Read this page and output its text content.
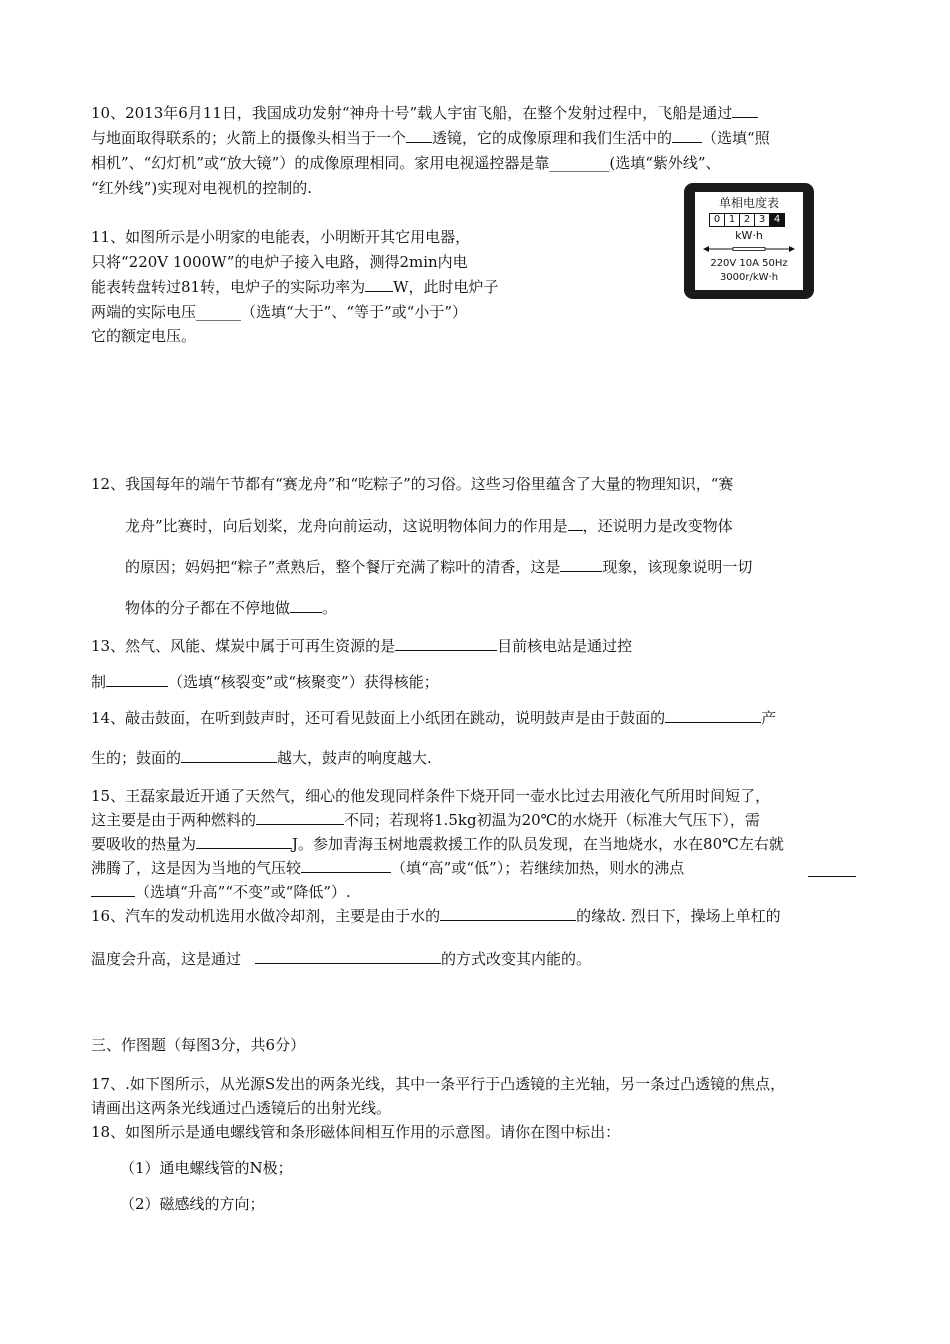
10、2013年6月11日，我国成功发射“神舟十号”载人宇宙飞船，在整个发射过程中，飞船是通过
与地面取得联系的；火箭上的摄像头相当于一个 透镜，它的成像原理和我们生活中的 （选填“照
相机”、“幻灯机”或“放大镜”）的成像原理相同。家用电视遥控器是靠________(选填“紫外线”、
“红外线”)实现对电视机的控制的.
单相电度表
0 1 2 3 4
kW·h
220V 10A 50Hz
3000r/kW·h
11、如图所示是小明家的电能表，小明断开其它用电器，
只将“220V 1000W”的电炉子接入电路，测得2min内电
能表转盘转过81转，电炉子的实际功率为 W，此时电炉子
两端的实际电压______（选填“大于”、“等于”或“小于”）
它的额定电压。
12、我国每年的端午节都有“赛龙舟”和“吃粽子”的习俗。这些习俗里蕴含了大量的物理知识，“赛
龙舟”比赛时，向后划桨，龙舟向前运动，这说明物体间力的作用是 ，还说明力是改变物体
的原因；妈妈把“粽子”煮熟后，整个餐厅充满了粽叶的清香，这是	现象，该现象说明一切
物体的分子都在不停地做 。
13、然气、风能、煤炭中属于可再生资源的是	目前核电站是通过控
制	（选填“核裂变”或“核聚变”）获得核能；
14、敲击鼓面，在听到鼓声时，还可看见鼓面上小纸团在跳动，说明鼓声是由于鼓面的	产
生的；鼓面的	越大，鼓声的响度越大.
15、王磊家最近开通了天然气，细心的他发现同样条件下烧开同一壶水比过去用液化气所用时间短了，
这主要是由于两种燃料的	不同；若现将1.5kg初温为20℃的水烧开（标准大气压下），需
要吸收的热量为	J。参加青海玉树地震救援工作的队员发现，在当地烧水，水在80℃左右就
沸腾了，这是因为当地的气压较	（填“高”或“低”）；若继续加热，则水的沸点
（选填“升高”“不变”或“降低”）.
16、汽车的发动机选用水做冷却剂，主要是由于水的	的缘故. 烈日下，操场上单杠的
温度会升高，这是通过	的方式改变其内能的。
三、作图题（每图3分，共6分）
17、.如下图所示，从光源S发出的两条光线，其中一条平行于凸透镜的主光轴，另一条过凸透镜的焦点，
请画出这两条光线通过凸透镜后的出射光线。
18、如图所示是通电螺线管和条形磁体间相互作用的示意图。请你在图中标出：
（1）通电螺线管的N极；
（2）磁感线的方向；
